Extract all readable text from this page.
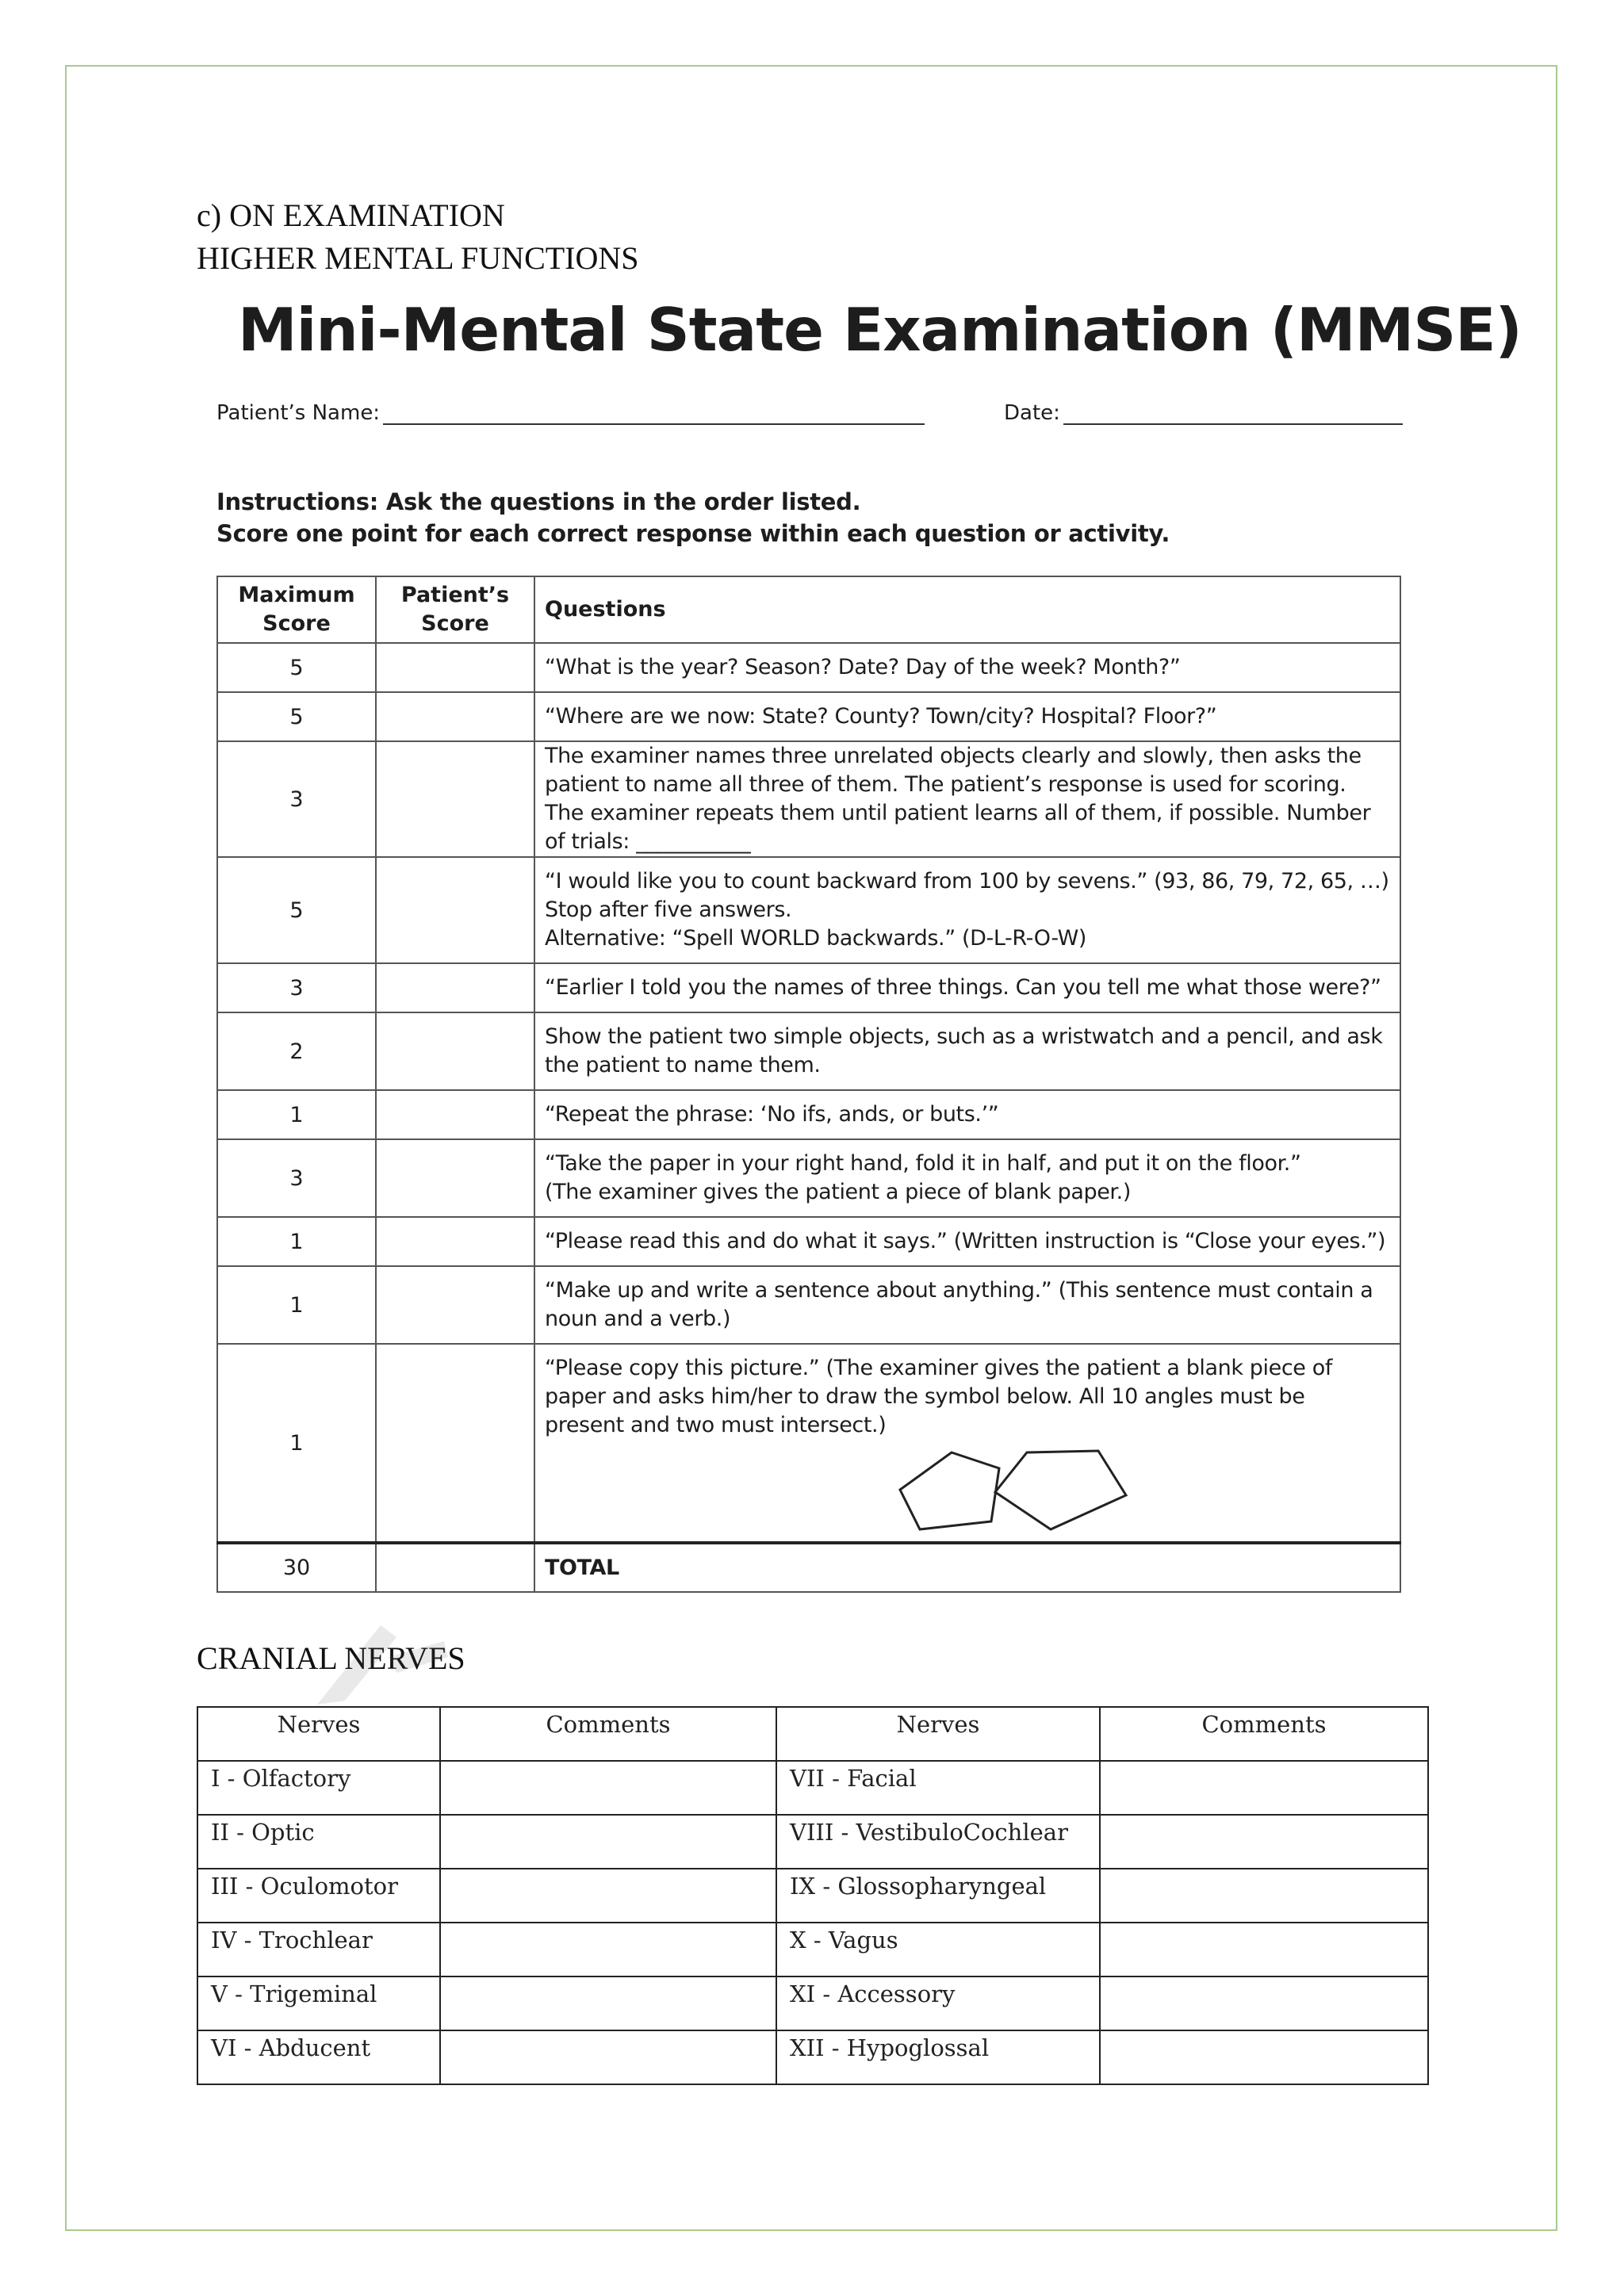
c) ON EXAMINATION
HIGHER MENTAL FUNCTIONS
Mini-Mental State Examination (MMSE)
Patient’s Name:	Date:
Instructions: Ask the questions in the order listed.
Score one point for each correct response within each question or activity.
Maximum Score	Patient’s Score	Questions
5		“What is the year? Season? Date? Day of the week? Month?”

5		“Where are we now: State? County? Town/city? Hospital? Floor?”

3		The examiner names three unrelated objects clearly and slowly, then asks the patient to name all three of them. The patient’s response is used for scoring. The examiner repeats them until patient learns all of them, if possible. Number of trials: ___________

5		“I would like you to count backward from 100 by sevens.” (93, 86, 79, 72, 65, …) Stop after five answers.
Alternative: “Spell WORLD backwards.” (D-L-R-O-W)

3		“Earlier I told you the names of three things. Can you tell me what those were?”

2		Show the patient two simple objects, such as a wristwatch and a pencil, and ask the patient to name them.

1		“Repeat the phrase: ‘No ifs, ands, or buts.’”

3		“Take the paper in your right hand, fold it in half, and put it on the floor.”
(The examiner gives the patient a piece of blank paper.)

1		“Please read this and do what it says.” (Written instruction is “Close your eyes.”)

1		“Make up and write a sentence about anything.” (This sentence must contain a noun and a verb.)

1		“Please copy this picture.” (The examiner gives the patient a blank piece of paper and asks him/her to draw the symbol below. All 10 angles must be present and two must intersect.)

30		TOTAL
CRANIAL NERVES
Nerves	Comments	Nerves	Comments
I - Olfactory		VII - Facial	
II - Optic		VIII - VestibuloCochlear	
III - Oculomotor		IX - Glossopharyngeal	
IV - Trochlear		X - Vagus	
V - Trigeminal		XI - Accessory	
VI - Abducent		XII - Hypoglossal	
